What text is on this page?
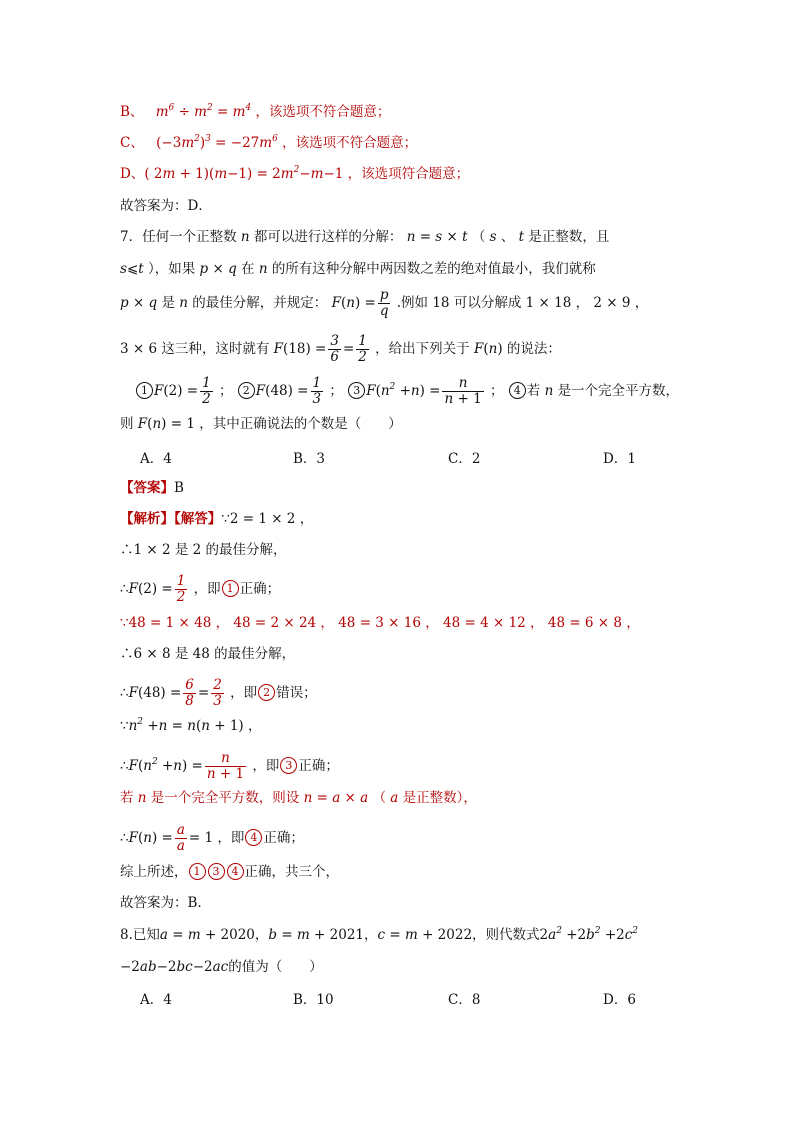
B、 $m^6 \div m^2 = m^4$ ，该选项不符合题意；
C、 $(-3m^2)^3 = -27m^6$ ，该选项不符合题意；
D、( $2m + 1)(m-1) = 2m^2-m-1$ ，该选项符合题意；
故答案为：D．
7．任何一个正整数 n 都可以进行这样的分解： n = s × t （ s 、 t 是正整数，且
s⩽t ），如果 p × q 在 n 的所有这种分解中两因数之差的绝对值最小，我们就称
p × q 是 n 的最佳分解，并规定： $F(n) = \frac{p}{q}$ .例如 18 可以分解成 1 × 18 ， 2 × 9 ，
3 × 6 这三种，这时就有 $F(18) = \frac{3}{6} = \frac{1}{2}$ ，给出下列关于 F(n) 的说法：
1 $F(2) = \frac{1}{2}$ ； 2 $F(48) = \frac{1}{3}$ ； 3 $F(n^2 +n) = \frac{n}{n + 1}$ ； 4 若 n 是一个完全平方数，
则 F(n) = 1 ，其中正确说法的个数是（　　）
A．4	B．3	C．2	D．1
【答案】B
【解析】【解答】∵2 = 1 × 2 ，
∴1 × 2 是 2 的最佳分解，
∴F(2) = $\frac{1}{2}$ ，即 1 正确；
∵48 = 1 × 48 ， 48 = 2 × 24 ， 48 = 3 × 16 ， 48 = 4 × 12 ， 48 = 6 × 8 ，
∴6 × 8 是 48 的最佳分解，
∴F(48) = $\frac{6}{8} = \frac{2}{3}$ ，即 2 错误；
$\because n^2 +n = n(n + 1)$ ，
$\therefore F(n^2 +n) = \frac{n}{n + 1}$ ，即 3 正确；
若 n 是一个完全平方数，则设 n = a × a （ a 是正整数），
∴F(n) = $\frac{a}{a} = 1$ ，即 4 正确；
综上所述， 1 3 4 正确，共三个，
故答案为：B.
8.已知a = m + 2020，b = m + 2021，c = m + 2022，则代数式$2a^2 +2b^2 +2c^2$
−2ab−2bc−2ac的值为（　　）
A．4	B．10	C．8	D．6
